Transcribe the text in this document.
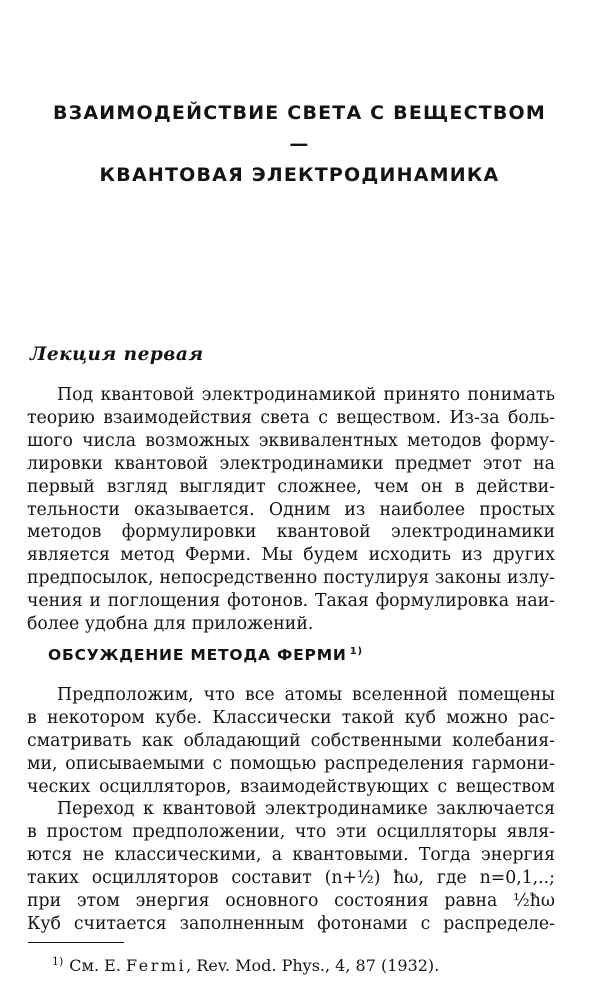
ВЗАИМОДЕЙСТВИЕ СВЕТА С ВЕЩЕСТВОМ —
КВАНТОВАЯ ЭЛЕКТРОДИНАМИКА
Лекция первая
Под квантовой электродинамикой принято понимать
теорию взаимодействия света с веществом. Из-за боль-
шого числа возможных эквивалентных методов форму-
лировки квантовой электродинамики предмет этот на
первый взгляд выглядит сложнее, чем он в действи-
тельности оказывается. Одним из наиболее простых
методов формулировки квантовой электродинамики
является метод Ферми. Мы будем исходить из других
предпосылок, непосредственно постулируя законы излу-
чения и поглощения фотонов. Такая формулировка наи-
более удобна для приложений.
ОБСУЖДЕНИЕ МЕТОДА ФЕРМИ $^{1)}$
Предположим, что все атомы вселенной помещены
в некотором кубе. Классически такой куб можно рас-
сматривать как обладающий собственными колебания-
ми, описываемыми с помощью распределения гармони-
ческих осцилляторов, взаимодействующих с веществом
Переход к квантовой электродинамике заключается
в простом предположении, что эти осцилляторы явля-
ются не классическими, а квантовыми. Тогда энергия
таких осцилляторов составит (n+½) ħω, где n=0,1,..;
при этом энергия основного состояния равна ½ħω
Куб считается заполненным фотонами с распределе-

$^{1)}$ См. E. Fermi, Rev. Mod. Phys., 4, 87 (1932).
